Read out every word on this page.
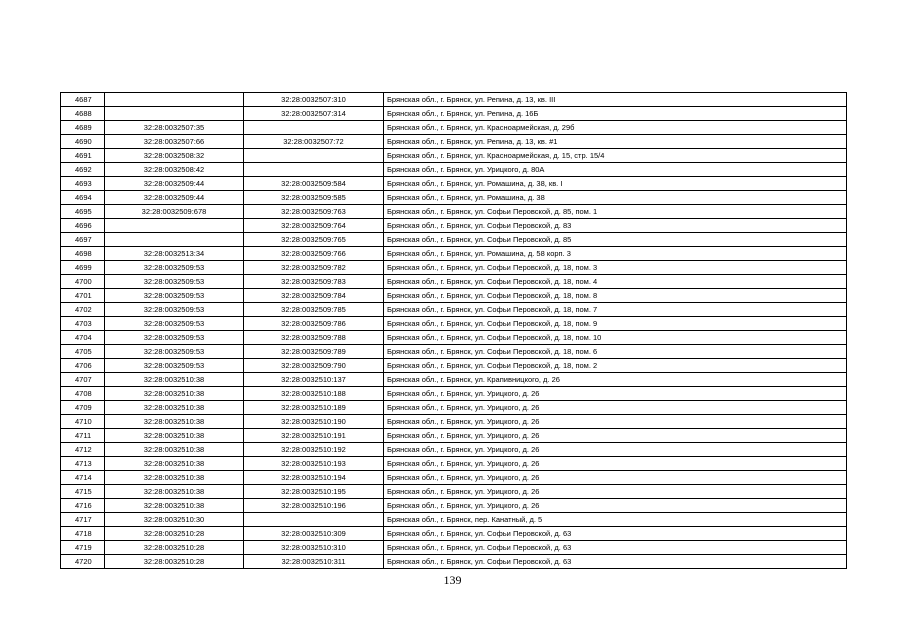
4687		32:28:0032507:310	Брянская обл., г. Брянск, ул. Репина, д. 13, кв. III
4688		32:28:0032507:314	Брянская обл., г. Брянск, ул. Репина, д. 16Б
4689	32:28:0032507:35		Брянская обл., г. Брянск, ул. Красноармейская, д. 29б
4690	32:28:0032507:66	32:28:0032507:72	Брянская обл., г. Брянск, ул. Репина, д. 13, кв. #1
4691	32:28:0032508:32		Брянская обл., г. Брянск, ул. Красноармейская, д. 15, стр. 15/4
4692	32:28:0032508:42		Брянская обл., г. Брянск, ул. Урицкого, д. 80А
4693	32:28:0032509:44	32:28:0032509:584	Брянская обл., г. Брянск, ул. Ромашина, д. 38, кв. I
4694	32:28:0032509:44	32:28:0032509:585	Брянская обл., г. Брянск, ул. Ромашина, д. 38
4695	32:28:0032509:678	32:28:0032509:763	Брянская обл., г. Брянск, ул. Софьи Перовской, д. 85, пом. 1
4696		32:28:0032509:764	Брянская обл., г. Брянск, ул. Софьи Перовской, д. 83
4697		32:28:0032509:765	Брянская обл., г. Брянск, ул. Софьи Перовской, д. 85
4698	32:28:0032513:34	32:28:0032509:766	Брянская обл., г. Брянск, ул. Ромашина, д. 58 корп. 3
4699	32:28:0032509:53	32:28:0032509:782	Брянская обл., г. Брянск, ул. Софьи Перовской, д. 18, пом. 3
4700	32:28:0032509:53	32:28:0032509:783	Брянская обл., г. Брянск, ул. Софьи Перовской, д. 18, пом. 4
4701	32:28:0032509:53	32:28:0032509:784	Брянская обл., г. Брянск, ул. Софьи Перовской, д. 18, пом. 8
4702	32:28:0032509:53	32:28:0032509:785	Брянская обл., г. Брянск, ул. Софьи Перовской, д. 18, пом. 7
4703	32:28:0032509:53	32:28:0032509:786	Брянская обл., г. Брянск, ул. Софьи Перовской, д. 18, пом. 9
4704	32:28:0032509:53	32:28:0032509:788	Брянская обл., г. Брянск, ул. Софьи Перовской, д. 18, пом. 10
4705	32:28:0032509:53	32:28:0032509:789	Брянская обл., г. Брянск, ул. Софьи Перовской, д. 18, пом. 6
4706	32:28:0032509:53	32:28:0032509:790	Брянская обл., г. Брянск, ул. Софьи Перовской, д. 18, пом. 2
4707	32:28:0032510:38	32:28:0032510:137	Брянская обл., г. Брянск, ул. Крапивницкого, д. 26
4708	32:28:0032510:38	32:28:0032510:188	Брянская обл., г. Брянск, ул. Урицкого, д. 26
4709	32:28:0032510:38	32:28:0032510:189	Брянская обл., г. Брянск, ул. Урицкого, д. 26
4710	32:28:0032510:38	32:28:0032510:190	Брянская обл., г. Брянск, ул. Урицкого, д. 26
4711	32:28:0032510:38	32:28:0032510:191	Брянская обл., г. Брянск, ул. Урицкого, д. 26
4712	32:28:0032510:38	32:28:0032510:192	Брянская обл., г. Брянск, ул. Урицкого, д. 26
4713	32:28:0032510:38	32:28:0032510:193	Брянская обл., г. Брянск, ул. Урицкого, д. 26
4714	32:28:0032510:38	32:28:0032510:194	Брянская обл., г. Брянск, ул. Урицкого, д. 26
4715	32:28:0032510:38	32:28:0032510:195	Брянская обл., г. Брянск, ул. Урицкого, д. 26
4716	32:28:0032510:38	32:28:0032510:196	Брянская обл., г. Брянск, ул. Урицкого, д. 26
4717	32:28:0032510:30		Брянская обл., г. Брянск, пер. Канатный, д. 5
4718	32:28:0032510:28	32:28:0032510:309	Брянская обл., г. Брянск, ул. Софьи Перовской, д. 63
4719	32:28:0032510:28	32:28:0032510:310	Брянская обл., г. Брянск, ул. Софьи Перовской, д. 63
4720	32:28:0032510:28	32:28:0032510:311	Брянская обл., г. Брянск, ул. Софьи Перовской, д. 63
139
